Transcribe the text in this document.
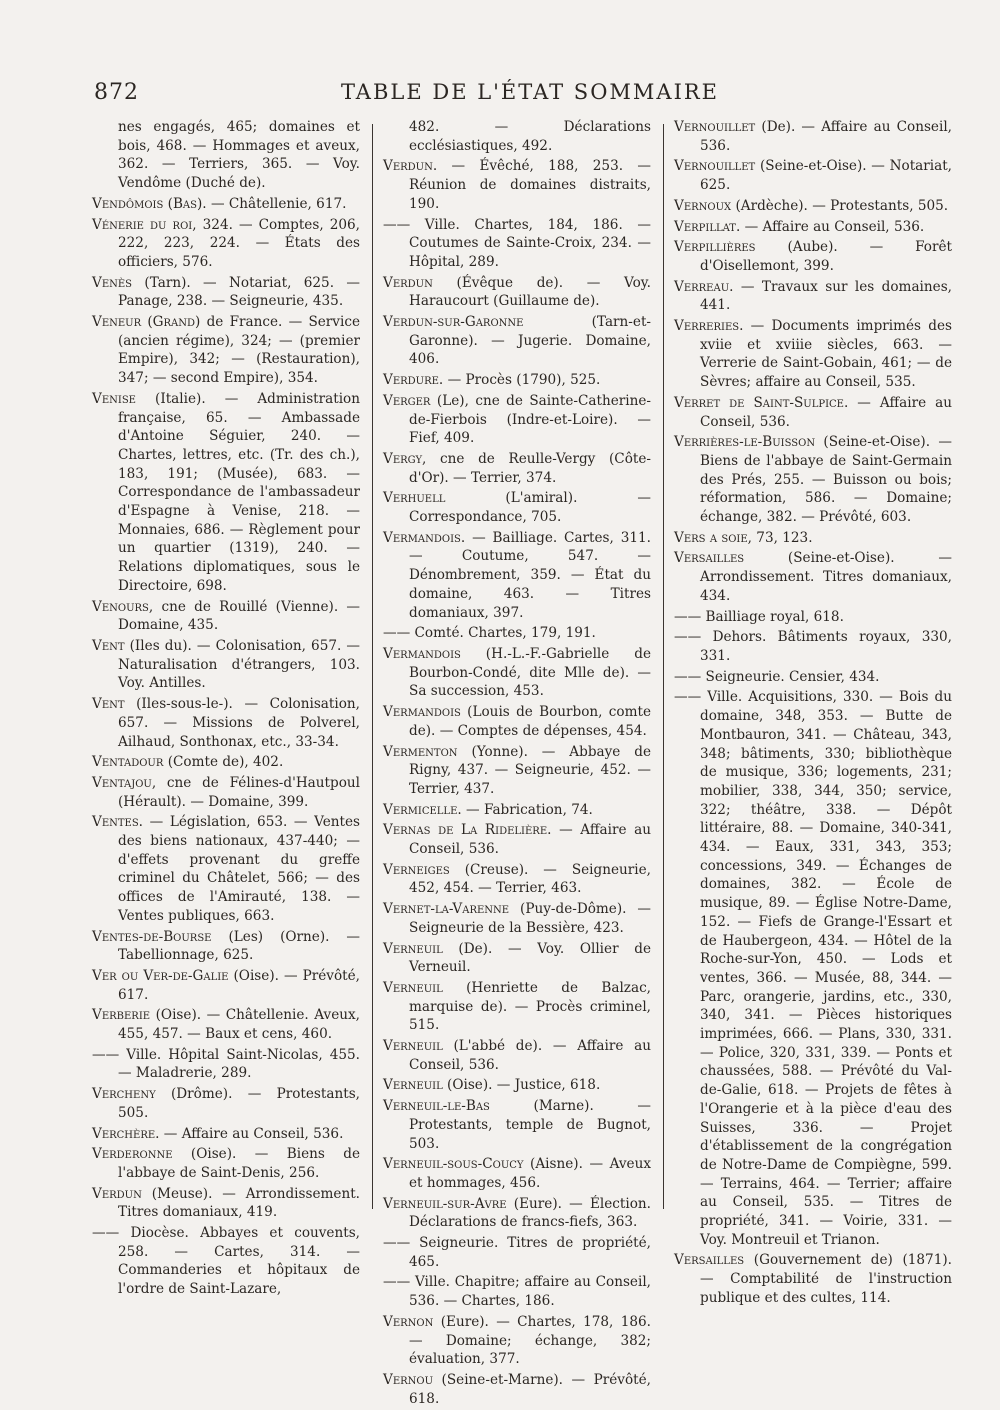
872	TABLE DE L'ÉTAT SOMMAIRE

nes engagés, 465; domaines et bois, 468. — Hommages et aveux, 362. — Terriers, 365. — Voy. Vendôme (Duché de).

Vendômois (Bas). — Châtellenie, 617.

Vénerie du roi, 324. — Comptes, 206, 222, 223, 224. — États des officiers, 576.

Venès (Tarn). — Notariat, 625. — Panage, 238. — Seigneurie, 435.

Veneur (Grand) de France. — Service (ancien régime), 324; — (premier Empire), 342; — (Restauration), 347; — second Empire), 354.

Venise (Italie). — Administration française, 65. — Ambassade d'Antoine Séguier, 240. — Chartes, lettres, etc. (Tr. des ch.), 183, 191; (Musée), 683. — Correspondance de l'ambassadeur d'Espagne à Venise, 218. — Monnaies, 686. — Règlement pour un quartier (1319), 240. — Relations diplomatiques, sous le Directoire, 698.

Venours, cne de Rouillé (Vienne). — Domaine, 435.

Vent (Iles du). — Colonisation, 657. — Naturalisation d'étrangers, 103. Voy. Antilles.

Vent (Iles-sous-le-). — Colonisation, 657. — Missions de Polverel, Ailhaud, Sonthonax, etc., 33-34.

Ventadour (Comte de), 402.

Ventajou, cne de Félines-d'Hautpoul (Hérault). — Domaine, 399.

Ventes. — Législation, 653. — Ventes des biens nationaux, 437-440; — d'effets provenant du greffe criminel du Châtelet, 566; — des offices de l'Amirauté, 138. — Ventes publiques, 663.

Ventes-de-Bourse (Les) (Orne). — Tabellionnage, 625.

Ver ou Ver-de-Galie (Oise). — Prévôté, 617.

Verberie (Oise). — Châtellenie. Aveux, 455, 457. — Baux et cens, 460.

—— Ville. Hôpital Saint-Nicolas, 455. — Maladrerie, 289.

Vercheny (Drôme). — Protestants, 505.

Verchère. — Affaire au Conseil, 536.

Verderonne (Oise). — Biens de l'abbaye de Saint-Denis, 256.

Verdun (Meuse). — Arrondissement. Titres domaniaux, 419.

—— Diocèse. Abbayes et couvents, 258. — Cartes, 314. — Commanderies et hôpitaux de l'ordre de Saint-Lazare,

482. — Déclarations ecclésiastiques, 492.

Verdun. — Évêché, 188, 253. — Réunion de domaines distraits, 190.

—— Ville. Chartes, 184, 186. — Coutumes de Sainte-Croix, 234. — Hôpital, 289.

Verdun (Évêque de). — Voy. Haraucourt (Guillaume de).

Verdun-sur-Garonne (Tarn-et-Garonne). — Jugerie. Domaine, 406.

Verdure. — Procès (1790), 525.

Verger (Le), cne de Sainte-Catherine-de-Fierbois (Indre-et-Loire). — Fief, 409.

Vergy, cne de Reulle-Vergy (Côte-d'Or). — Terrier, 374.

Verhuell (L'amiral). — Correspondance, 705.

Vermandois. — Bailliage. Cartes, 311. — Coutume, 547. — Dénombrement, 359. — État du domaine, 463. — Titres domaniaux, 397.

—— Comté. Chartes, 179, 191.

Vermandois (H.-L.-F.-Gabrielle de Bourbon-Condé, dite Mlle de). — Sa succession, 453.

Vermandois (Louis de Bourbon, comte de). — Comptes de dépenses, 454.

Vermenton (Yonne). — Abbaye de Rigny, 437. — Seigneurie, 452. — Terrier, 437.

Vermicelle. — Fabrication, 74.

Vernas de La Ridelière. — Affaire au Conseil, 536.

Verneiges (Creuse). — Seigneurie, 452, 454. — Terrier, 463.

Vernet-la-Varenne (Puy-de-Dôme). — Seigneurie de la Bessière, 423.

Verneuil (De). — Voy. Ollier de Verneuil.

Verneuil (Henriette de Balzac, marquise de). — Procès criminel, 515.

Verneuil (L'abbé de). — Affaire au Conseil, 536.

Verneuil (Oise). — Justice, 618.

Verneuil-le-Bas (Marne). — Protestants, temple de Bugnot, 503.

Verneuil-sous-Coucy (Aisne). — Aveux et hommages, 456.

Verneuil-sur-Avre (Eure). — Élection. Déclarations de francs-fiefs, 363.

—— Seigneurie. Titres de propriété, 465.

—— Ville. Chapitre; affaire au Conseil, 536. — Chartes, 186.

Vernon (Eure). — Chartes, 178, 186. — Domaine; échange, 382; évaluation, 377.

Vernou (Seine-et-Marne). — Prévôté, 618.

Vernouillet (De). — Affaire au Conseil, 536.

Vernouillet (Seine-et-Oise). — Notariat, 625.

Vernoux (Ardèche). — Protestants, 505.

Verpillat. — Affaire au Conseil, 536.

Verpillières (Aube). — Forêt d'Oisellemont, 399.

Verreau. — Travaux sur les domaines, 441.

Verreries. — Documents imprimés des xviie et xviiie siècles, 663. — Verrerie de Saint-Gobain, 461; — de Sèvres; affaire au Conseil, 535.

Verret de Saint-Sulpice. — Affaire au Conseil, 536.

Verrières-le-Buisson (Seine-et-Oise). — Biens de l'abbaye de Saint-Germain des Prés, 255. — Buisson ou bois; réformation, 586. — Domaine; échange, 382. — Prévôté, 603.

Vers a soie, 73, 123.

Versailles (Seine-et-Oise). — Arrondissement. Titres domaniaux, 434.

—— Bailliage royal, 618.

—— Dehors. Bâtiments royaux, 330, 331.

—— Seigneurie. Censier, 434.

—— Ville. Acquisitions, 330. — Bois du domaine, 348, 353. — Butte de Montbauron, 341. — Château, 343, 348; bâtiments, 330; bibliothèque de musique, 336; logements, 231; mobilier, 338, 344, 350; service, 322; théâtre, 338. — Dépôt littéraire, 88. — Domaine, 340-341, 434. — Eaux, 331, 343, 353; concessions, 349. — Échanges de domaines, 382. — École de musique, 89. — Église Notre-Dame, 152. — Fiefs de Grange-l'Essart et de Haubergeon, 434. — Hôtel de la Roche-sur-Yon, 450. — Lods et ventes, 366. — Musée, 88, 344. — Parc, orangerie, jardins, etc., 330, 340, 341. — Pièces historiques imprimées, 666. — Plans, 330, 331. — Police, 320, 331, 339. — Ponts et chaussées, 588. — Prévôté du Val-de-Galie, 618. — Projets de fêtes à l'Orangerie et à la pièce d'eau des Suisses, 336. — Projet d'établissement de la congrégation de Notre-Dame de Compiègne, 599. — Terrains, 464. — Terrier; affaire au Conseil, 535. — Titres de propriété, 341. — Voirie, 331. — Voy. Montreuil et Trianon.

Versailles (Gouvernement de) (1871). — Comptabilité de l'instruction publique et des cultes, 114.
